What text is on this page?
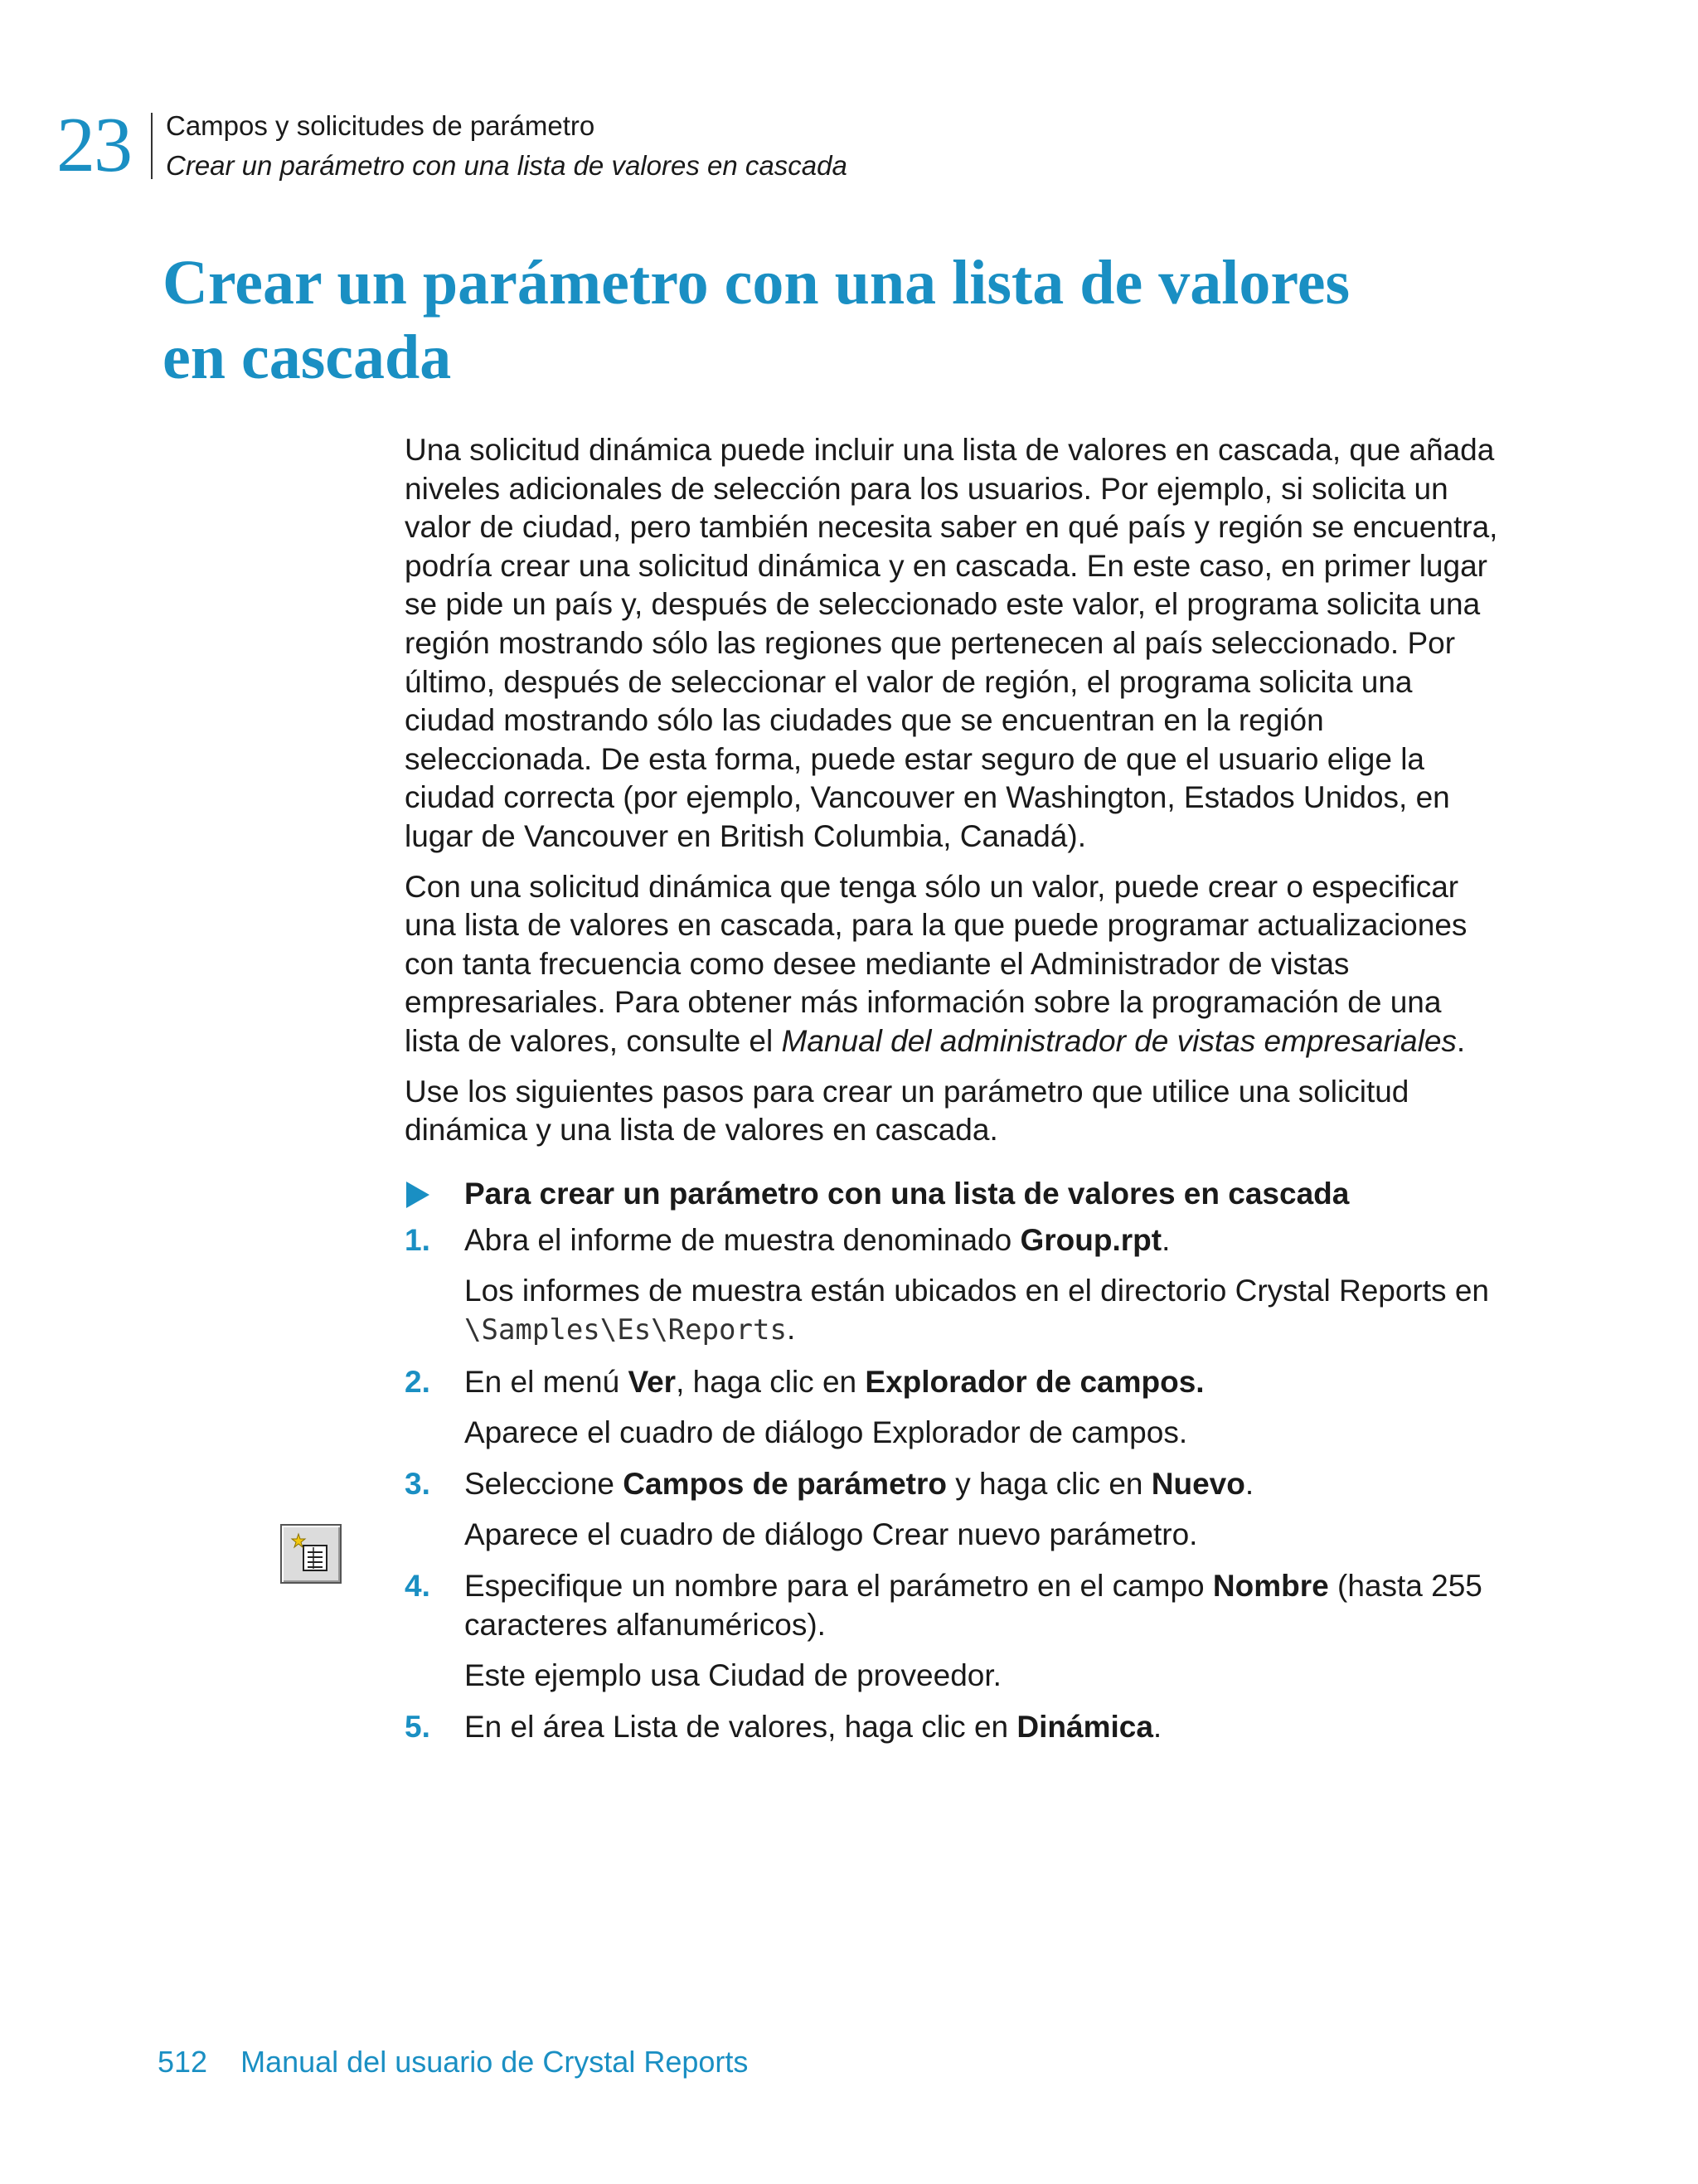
23 Campos y solicitudes de parámetro
Crear un parámetro con una lista de valores en cascada
Crear un parámetro con una lista de valores
en cascada

Una solicitud dinámica puede incluir una lista de valores en cascada, que añada niveles adicionales de selección para los usuarios. Por ejemplo, si solicita un valor de ciudad, pero también necesita saber en qué país y región se encuentra, podría crear una solicitud dinámica y en cascada. En este caso, en primer lugar se pide un país y, después de seleccionado este valor, el programa solicita una región mostrando sólo las regiones que pertenecen al país seleccionado. Por último, después de seleccionar el valor de región, el programa solicita una ciudad mostrando sólo las ciudades que se encuentran en la región seleccionada. De esta forma, puede estar seguro de que el usuario elige la ciudad correcta (por ejemplo, Vancouver en Washington, Estados Unidos, en lugar de Vancouver en British Columbia, Canadá).

Con una solicitud dinámica que tenga sólo un valor, puede crear o especificar una lista de valores en cascada, para la que puede programar actualizaciones con tanta frecuencia como desee mediante el Administrador de vistas empresariales. Para obtener más información sobre la programación de una lista de valores, consulte el Manual del administrador de vistas empresariales.

Use los siguientes pasos para crear un parámetro que utilice una solicitud dinámica y una lista de valores en cascada.

Para crear un parámetro con una lista de valores en cascada
1. Abra el informe de muestra denominado Group.rpt.
Los informes de muestra están ubicados en el directorio Crystal Reports en \Samples\Es\Reports.
2. En el menú Ver, haga clic en Explorador de campos.
Aparece el cuadro de diálogo Explorador de campos.
3. Seleccione Campos de parámetro y haga clic en Nuevo.
Aparece el cuadro de diálogo Crear nuevo parámetro.
4. Especifique un nombre para el parámetro en el campo Nombre (hasta 255 caracteres alfanuméricos).
Este ejemplo usa Ciudad de proveedor.
5. En el área Lista de valores, haga clic en Dinámica.
512 Manual del usuario de Crystal Reports
